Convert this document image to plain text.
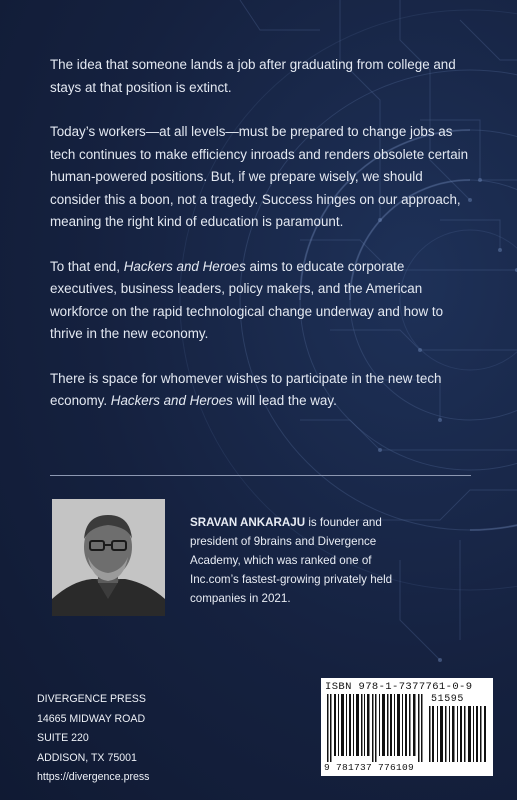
The idea that someone lands a job after graduating from college and stays at that position is extinct.

Today’s workers—at all levels—must be prepared to change jobs as tech continues to make efficiency inroads and renders obsolete certain human-powered positions. But, if we prepare wisely, we should consider this a boon, not a tragedy. Success hinges on our approach, meaning the right kind of education is paramount.

To that end, Hackers and Heroes aims to educate corporate executives, business leaders, policy makers, and the American workforce on the rapid technological change underway and how to thrive in the new economy.

There is space for whomever wishes to participate in the new tech economy. Hackers and Heroes will lead the way.

SRAVAN ANKARAJU is founder and president of 9brains and Divergence Academy, which was ranked one of Inc.com’s fastest-growing privately held companies in 2021.
DIVERGENCE PRESS
14665 MIDWAY ROAD
SUITE 220
ADDISON, TX 75001
https://divergence.press
ISBN 978-1-7377761-0-9
51595
9 781737 776109
